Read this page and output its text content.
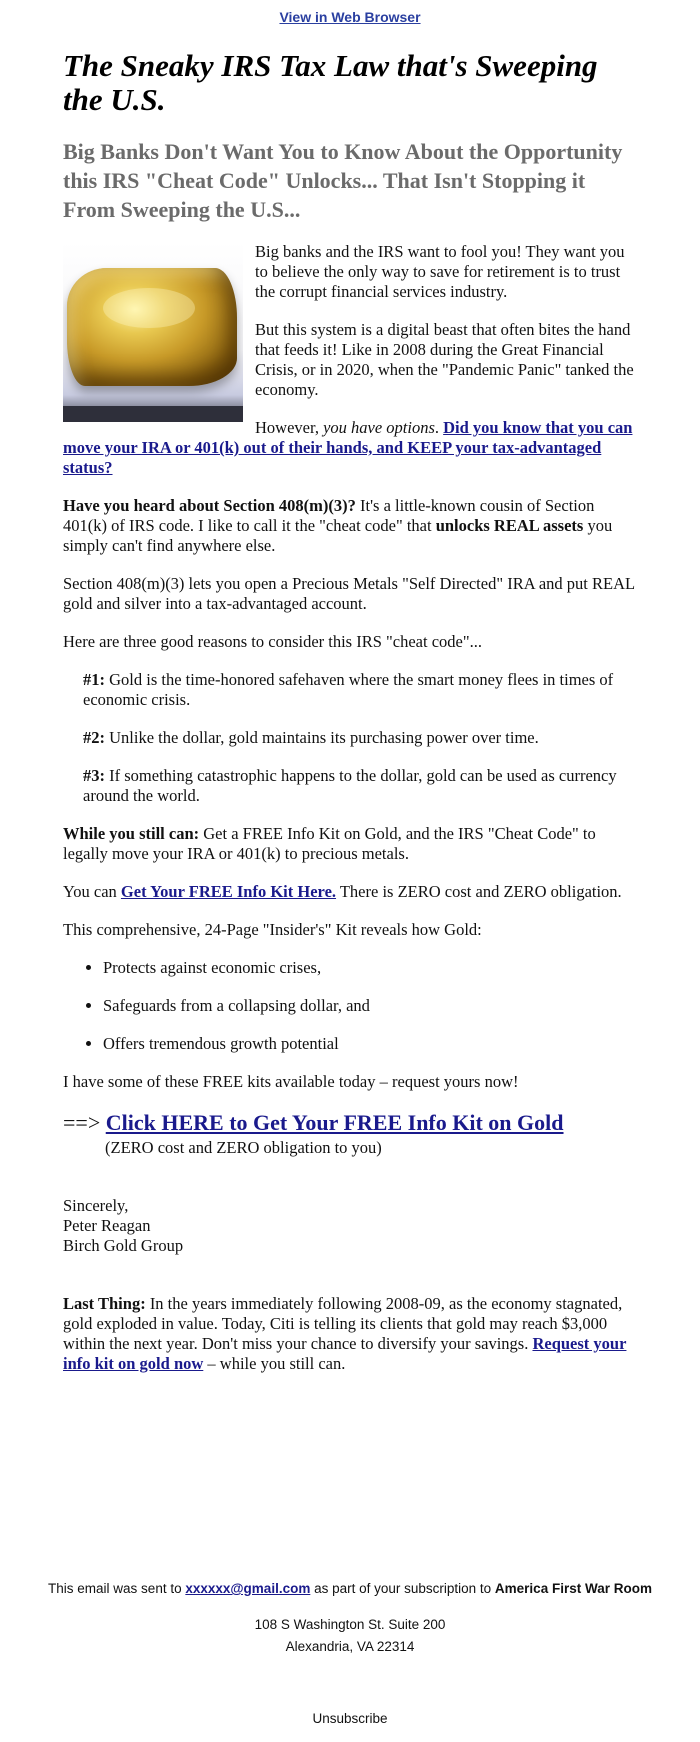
View in Web Browser
The Sneaky IRS Tax Law that's Sweeping the U.S.
Big Banks Don't Want You to Know About the Opportunity this IRS "Cheat Code" Unlocks... That Isn't Stopping it From Sweeping the U.S...

Big banks and the IRS want to fool you! They want you to believe the only way to save for retirement is to trust the corrupt financial services industry.

But this system is a digital beast that often bites the hand that feeds it! Like in 2008 during the Great Financial Crisis, or in 2020, when the "Pandemic Panic" tanked the economy.

However, you have options. Did you know that you can move your IRA or 401(k) out of their hands, and KEEP your tax-advantaged status?

Have you heard about Section 408(m)(3)? It's a little-known cousin of Section 401(k) of IRS code. I like to call it the "cheat code" that unlocks REAL assets you simply can't find anywhere else.

Section 408(m)(3) lets you open a Precious Metals "Self Directed" IRA and put REAL gold and silver into a tax-advantaged account.

Here are three good reasons to consider this IRS "cheat code"...

#1: Gold is the time-honored safehaven where the smart money flees in times of economic crisis.

#2: Unlike the dollar, gold maintains its purchasing power over time.

#3: If something catastrophic happens to the dollar, gold can be used as currency around the world.

While you still can: Get a FREE Info Kit on Gold, and the IRS "Cheat Code" to legally move your IRA or 401(k) to precious metals.

You can Get Your FREE Info Kit Here. There is ZERO cost and ZERO obligation.

This comprehensive, 24-Page "Insider's" Kit reveals how Gold:

• Protects against economic crises,
• Safeguards from a collapsing dollar, and
• Offers tremendous growth potential

I have some of these FREE kits available today – request yours now!

==> Click HERE to Get Your FREE Info Kit on Gold
(ZERO cost and ZERO obligation to you)
Sincerely,
Peter Reagan
Birch Gold Group

Last Thing: In the years immediately following 2008-09, as the economy stagnated, gold exploded in value. Today, Citi is telling its clients that gold may reach $3,000 within the next year. Don't miss your chance to diversify your savings. Request your info kit on gold now – while you still can.

This email was sent to xxxxxx@gmail.com as part of your subscription to America First War Room
108 S Washington St. Suite 200
Alexandria, VA 22314
Unsubscribe
